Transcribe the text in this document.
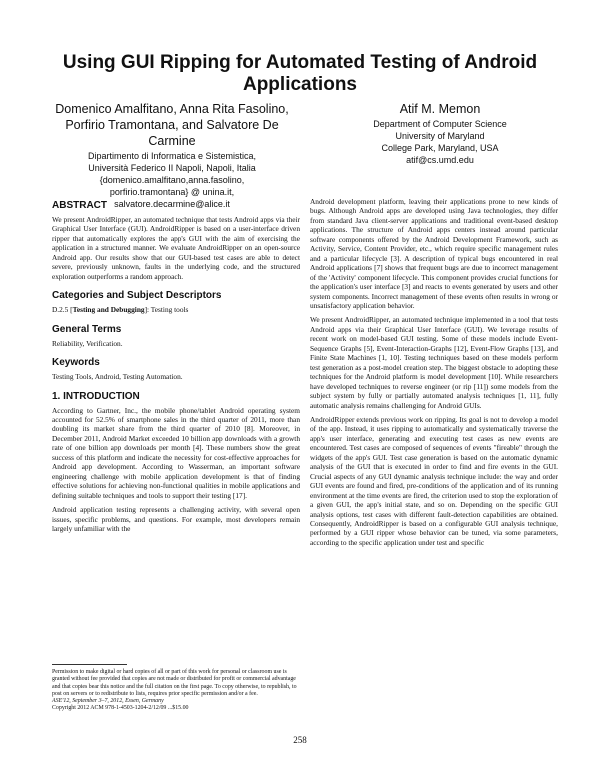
Using GUI Ripping for Automated Testing of Android Applications
Domenico Amalfitano, Anna Rita Fasolino, Porfirio Tramontana, and Salvatore De Carmine
Dipartimento di Informatica e Sistemistica,
Università Federico II Napoli, Napoli, Italia
{domenico.amalfitano,anna.fasolino,
porfirio.tramontana} @ unina.it,
salvatore.decarmine@alice.it
Atif M. Memon
Department of Computer Science
University of Maryland
College Park, Maryland, USA
atif@cs.umd.edu
ABSTRACT

We present AndroidRipper, an automated technique that tests Android apps via their Graphical User Interface (GUI). AndroidRipper is based on a user-interface driven ripper that automatically explores the app's GUI with the aim of exercising the application in a structured manner. We evaluate AndroidRipper on an open-source Android app. Our results show that our GUI-based test cases are able to detect severe, previously unknown, faults in the underlying code, and the structured exploration outperforms a random approach.

Categories and Subject Descriptors

D.2.5 [Testing and Debugging]: Testing tools

General Terms

Reliability, Verification.

Keywords

Testing Tools, Android, Testing Automation.

1. INTRODUCTION

According to Gartner, Inc., the mobile phone/tablet Android operating system accounted for 52.5% of smartphone sales in the third quarter of 2011, more than doubling its market share from the third quarter of 2010 [8]. Moreover, in December 2011, Android Market exceeded 10 billion app downloads with a growth rate of one billion app downloads per month [4]. These numbers show the great success of this platform and indicate the necessity for cost-effective approaches for Android app development. According to Wasserman, an important software engineering challenge with mobile application development is that of finding effective solutions for achieving non-functional qualities in mobile applications and defining suitable techniques and tools to support their testing [17].

Android application testing represents a challenging activity, with several open issues, specific problems, and questions. For example, most developers remain largely unfamiliar with the

Permission to make digital or hard copies of all or part of this work for personal or classroom use is granted without fee provided that copies are not made or distributed for profit or commercial advantage and that copies bear this notice and the full citation on the first page. To copy otherwise, to republish, to post on servers or to redistribute to lists, requires prior specific permission and/or a fee.
ASE'12, September 3–7, 2012, Essen, Germany
Copyright 2012 ACM 978-1-4503-1204-2/12/09 ...$15.00

Android development platform, leaving their applications prone to new kinds of bugs. Although Android apps are developed using Java technologies, they differ from standard Java client-server applications and traditional event-based desktop applications. The structure of Android apps centers instead around particular software components offered by the Android Development Framework, such as Activity, Service, Content Provider, etc., which require specific management rules and a particular lifecycle [3]. A description of typical bugs encountered in real Android applications [7] shows that frequent bugs are due to incorrect management of the 'Activity' component lifecycle. This component provides crucial functions for the application's user interface [3] and reacts to events generated by users and other system components. Incorrect management of these events often results in wrong or unsatisfactory application behavior.

We present AndroidRipper, an automated technique implemented in a tool that tests Android apps via their Graphical User Interface (GUI). We leverage results of recent work on model-based GUI testing. Some of these models include Event-Sequence Graphs [5], Event-Interaction-Graphs [12], Event-Flow Graphs [13], and Finite State Machines [1, 10]. Testing techniques based on these models perform test generation as a post-model creation step. The biggest obstacle to adopting these techniques for the Android platform is model development [10]. While researchers have developed techniques to reverse engineer (or rip [11]) some models from the subject system by fully or partially automated analysis techniques [1, 11], fully automatic analysis remains challenging for Android GUIs.

AndroidRipper extends previous work on ripping. Its goal is not to develop a model of the app. Instead, it uses ripping to automatically and systematically traverse the app's user interface, generating and executing test cases as new events are encountered. Test cases are composed of sequences of events "fireable" through the widgets of the app's GUI. Test case generation is based on the automatic dynamic analysis of the GUI that is executed in order to find and fire events in the GUI. Crucial aspects of any GUI dynamic analysis technique include: the way and order GUI events are found and fired, pre-conditions of the application and of its running environment at the time events are fired, the criterion used to stop the exploration of a given GUI, the app's initial state, and so on. Depending on the specific GUI analysis options, test cases with different fault-detection capabilities are obtained. Consequently, AndroidRipper is based on a configurable GUI analysis technique, performed by a GUI ripper whose behavior can be tuned, via some parameters, according to the specific application under test and specific

258
